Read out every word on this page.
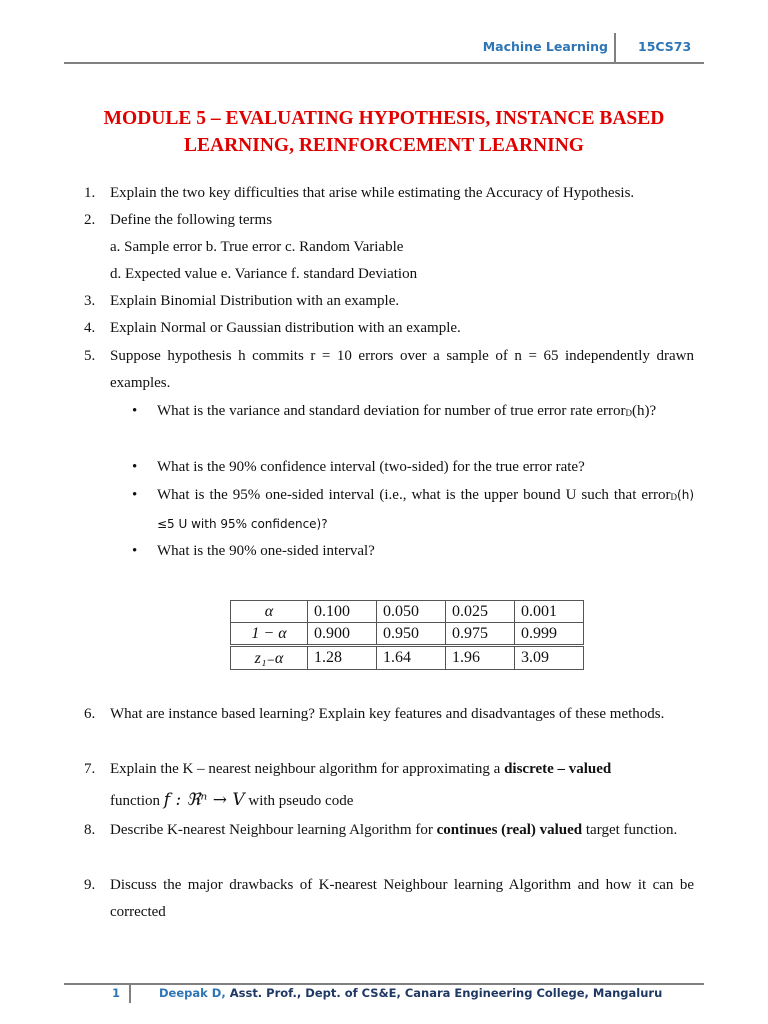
Machine Learning 15CS73
MODULE 5 – EVALUATING HYPOTHESIS, INSTANCE BASED
LEARNING, REINFORCEMENT LEARNING
1. Explain the two key difficulties that arise while estimating the Accuracy of Hypothesis.
2. Define the following terms
a. Sample error b. True error c. Random Variable
d. Expected value e. Variance f. standard Deviation
3. Explain Binomial Distribution with an example.
4. Explain Normal or Gaussian distribution with an example.
5. Suppose hypothesis h commits r = 10 errors over a sample of n = 65 independently drawn examples.
• What is the variance and standard deviation for number of true error rate errorD(h)?
• What is the 90% confidence interval (two-sided) for the true error rate?
• What is the 95% one-sided interval (i.e., what is the upper bound U such that errorD(h) ≤5 U with 95% confidence)?
• What is the 90% one-sided interval?
α	0.100	0.050	0.025	0.001
1 − α	0.900	0.950	0.975	0.999
z₁₋α	1.28	1.64	1.96	3.09
6. What are instance based learning? Explain key features and disadvantages of these methods.
7. Explain the K – nearest neighbour algorithm for approximating a discrete – valued
function f : ℜⁿ → V with pseudo code
8. Describe K-nearest Neighbour learning Algorithm for continues (real) valued target function.
9. Discuss the major drawbacks of K-nearest Neighbour learning Algorithm and how it can be corrected
1	Deepak D, Asst. Prof., Dept. of CS&E, Canara Engineering College, Mangaluru
